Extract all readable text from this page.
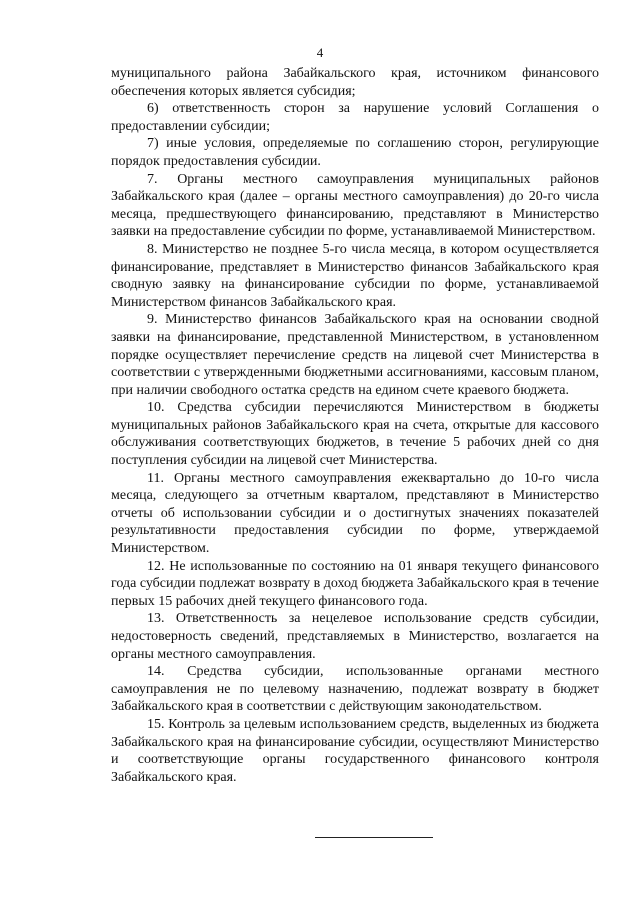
4

муниципального района Забайкальского края, источником финансового обеспечения которых является субсидия;

6) ответственность сторон за нарушение условий Соглашения о предоставлении субсидии;

7) иные условия, определяемые по соглашению сторон, регулирующие порядок предоставления субсидии.

7. Органы местного самоуправления муниципальных районов Забайкальского края (далее – органы местного самоуправления) до 20-го числа месяца, предшествующего финансированию, представляют в Министерство заявки на предоставление субсидии по форме, устанавливаемой Министерством.

8. Министерство не позднее 5-го числа месяца, в котором осуществляется финансирование, представляет в Министерство финансов Забайкальского края сводную заявку на финансирование субсидии по форме, устанавливаемой Министерством финансов Забайкальского края.

9. Министерство финансов Забайкальского края на основании сводной заявки на финансирование, представленной Министерством, в установленном порядке осуществляет перечисление средств на лицевой счет Министерства в соответствии с утвержденными бюджетными ассигнованиями, кассовым планом, при наличии свободного остатка средств на едином счете краевого бюджета.

10. Средства субсидии перечисляются Министерством в бюджеты муниципальных районов Забайкальского края на счета, открытые для кассового обслуживания соответствующих бюджетов, в течение 5 рабочих дней со дня поступления субсидии на лицевой счет Министерства.

11. Органы местного самоуправления ежеквартально до 10-го числа месяца, следующего за отчетным кварталом, представляют в Министерство отчеты об использовании субсидии и о достигнутых значениях показателей результативности предоставления субсидии по форме, утверждаемой Министерством.

12. Не использованные по состоянию на 01 января текущего финансового года субсидии подлежат возврату в доход бюджета Забайкальского края в течение первых 15 рабочих дней текущего финансового года.

13. Ответственность за нецелевое использование средств субсидии, недостоверность сведений, представляемых в Министерство, возлагается на органы местного самоуправления.

14. Средства субсидии, использованные органами местного самоуправления не по целевому назначению, подлежат возврату в бюджет Забайкальского края в соответствии с действующим законодательством.

15. Контроль за целевым использованием средств, выделенных из бюджета Забайкальского края на финансирование субсидии, осуществляют Министерство и соответствующие органы государственного финансового контроля Забайкальского края.
